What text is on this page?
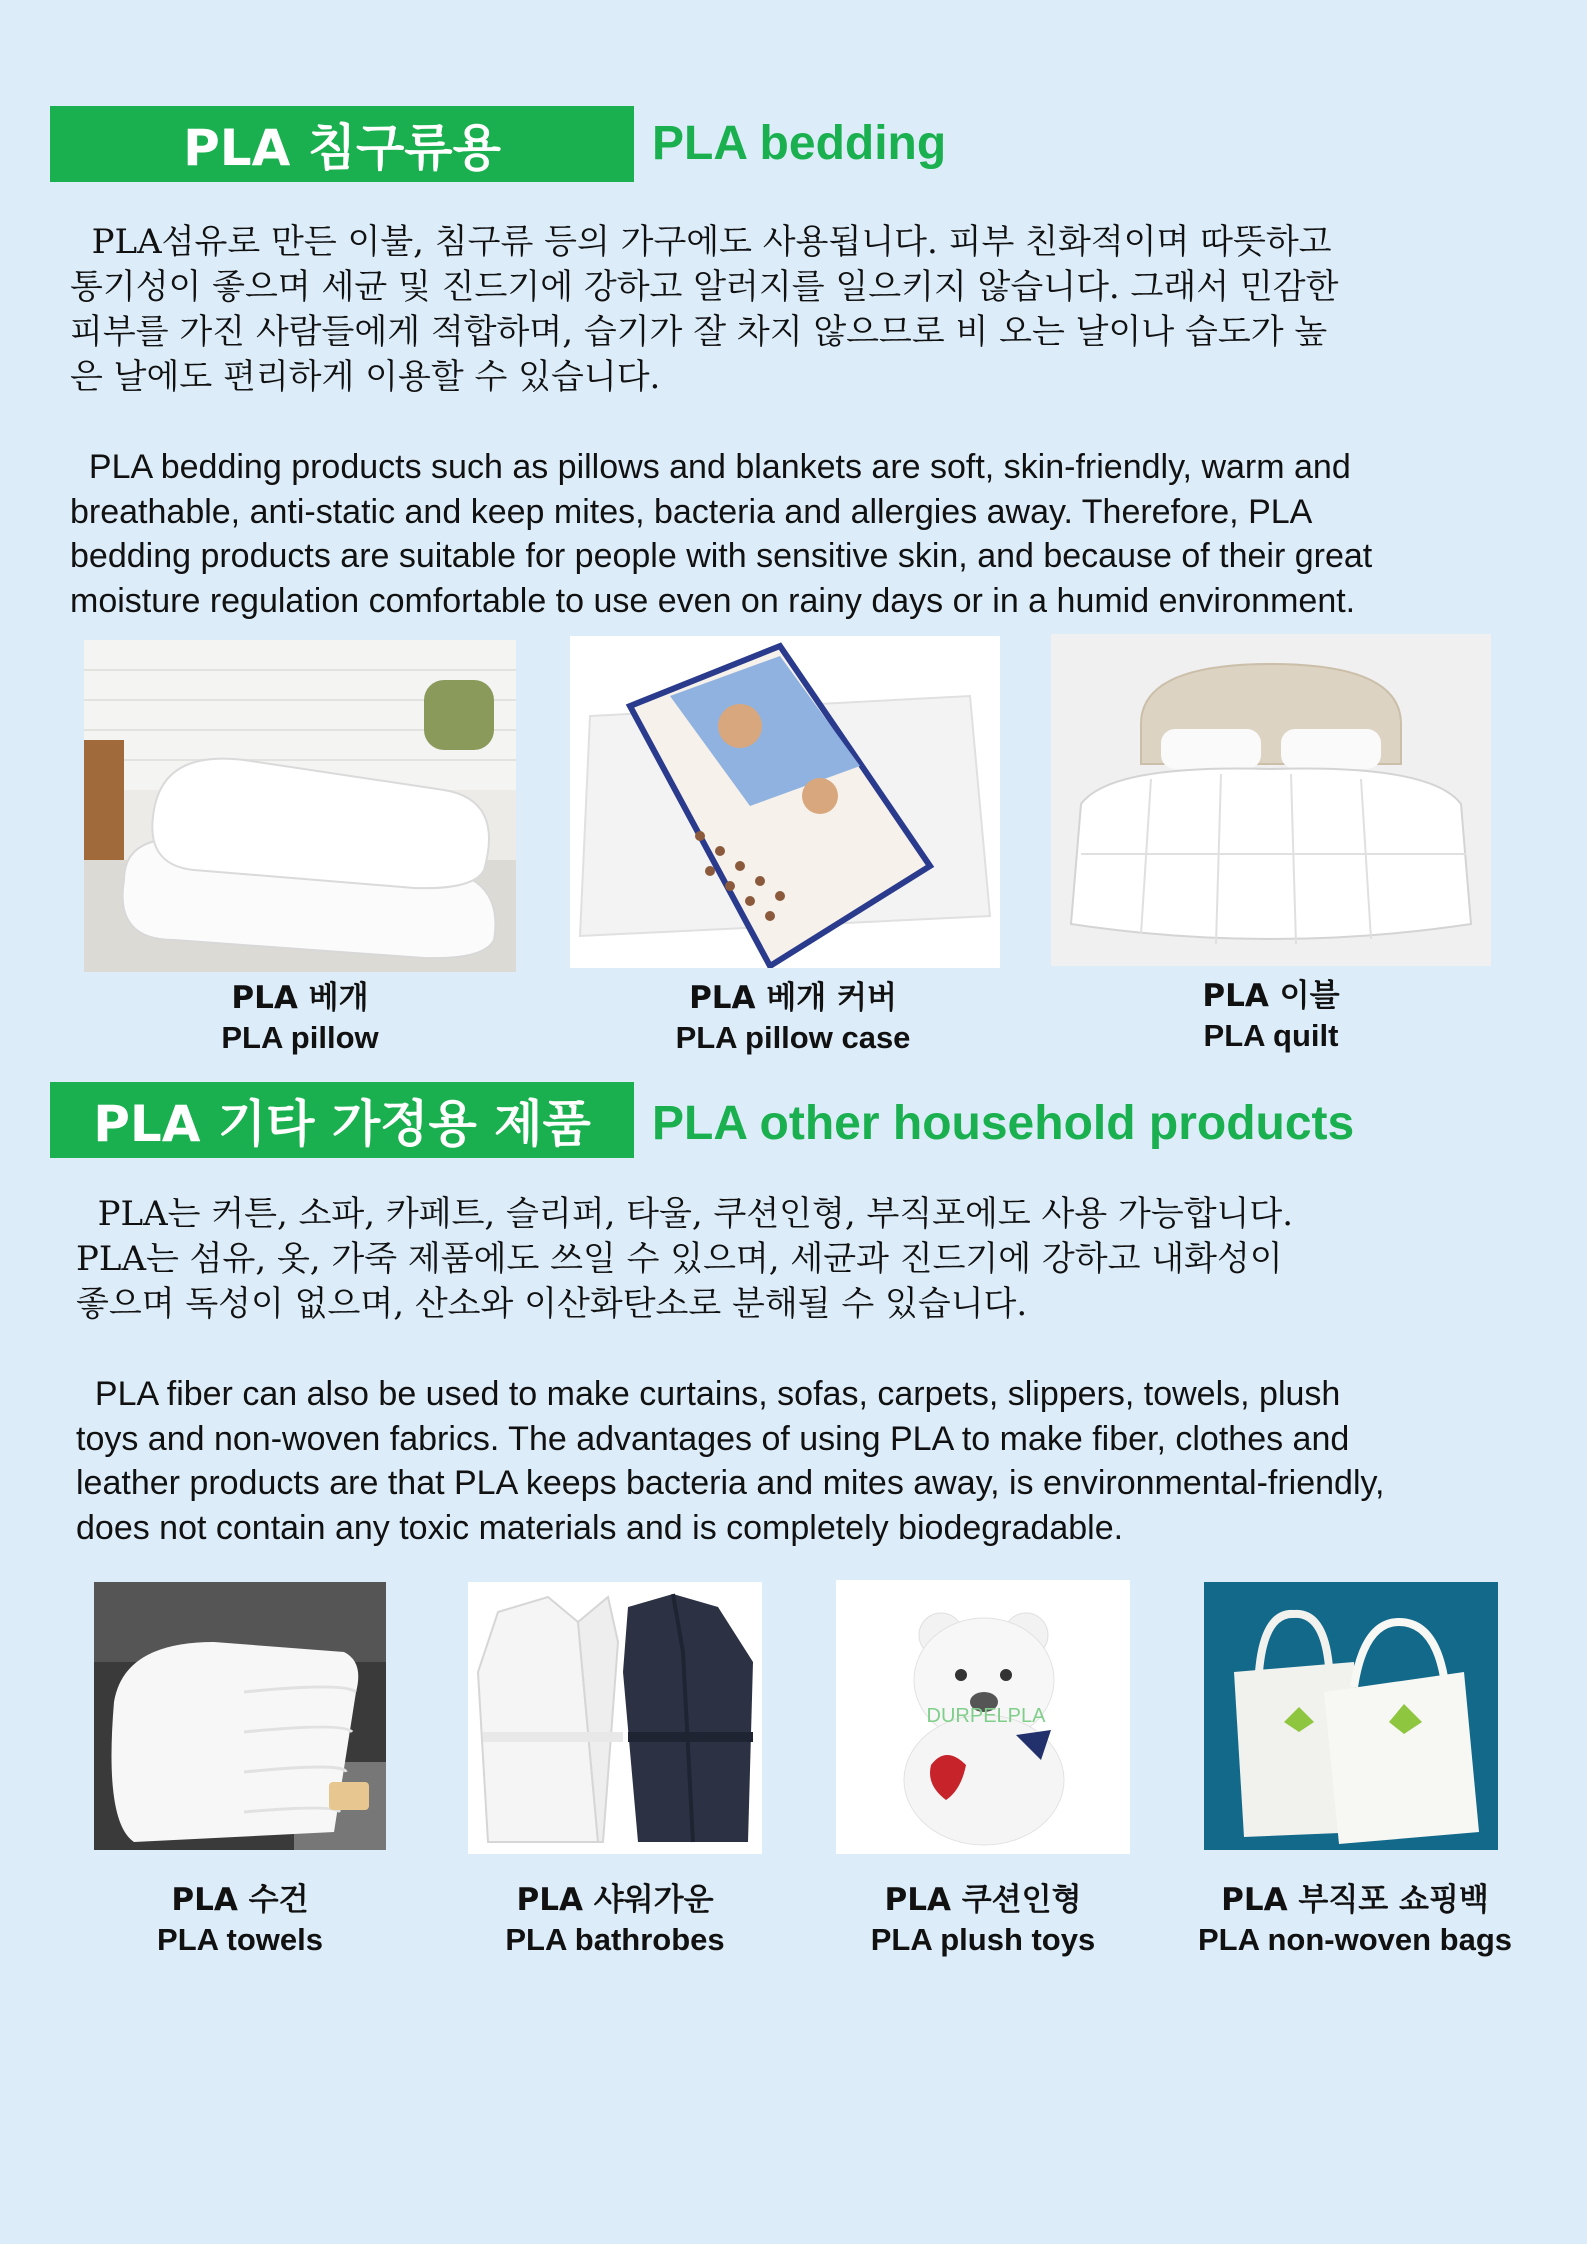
PLA 침구류용	PLA bedding
PLA섬유로 만든 이불, 침구류 등의 가구에도 사용됩니다. 피부 친화적이며 따뜻하고
통기성이 좋으며 세균 및 진드기에 강하고 알러지를 일으키지 않습니다. 그래서 민감한
피부를 가진 사람들에게 적합하며, 습기가 잘 차지 않으므로 비 오는 날이나 습도가 높
은 날에도 편리하게 이용할 수 있습니다.
PLA bedding products such as pillows and blankets are soft, skin-friendly, warm and
breathable, anti-static and keep mites, bacteria and allergies away. Therefore, PLA
bedding products are suitable for people with sensitive skin, and because of their great
moisture regulation comfortable to use even on rainy days or in a humid environment.
PLA 베개
PLA pillow
PLA 베개 커버
PLA pillow case
PLA 이블
PLA quilt
PLA 기타 가정용 제품	PLA other household products
PLA는 커튼, 소파, 카페트, 슬리퍼, 타울, 쿠션인형, 부직포에도 사용 가능합니다.
PLA는 섬유, 옷, 가죽 제품에도 쓰일 수 있으며, 세균과 진드기에 강하고 내화성이
좋으며 독성이 없으며, 산소와 이산화탄소로 분해될 수 있습니다.
PLA fiber can also be used to make curtains, sofas, carpets, slippers, towels, plush
toys and non-woven fabrics. The advantages of using PLA to make fiber, clothes and
leather products are that PLA keeps bacteria and mites away, is environmental-friendly,
does not contain any toxic materials and is completely biodegradable.
DURPELPLA
PLA 수건
PLA towels
PLA 샤워가운
PLA bathrobes
PLA 쿠션인형
PLA plush toys
PLA 부직포 쇼핑백
PLA non-woven bags
